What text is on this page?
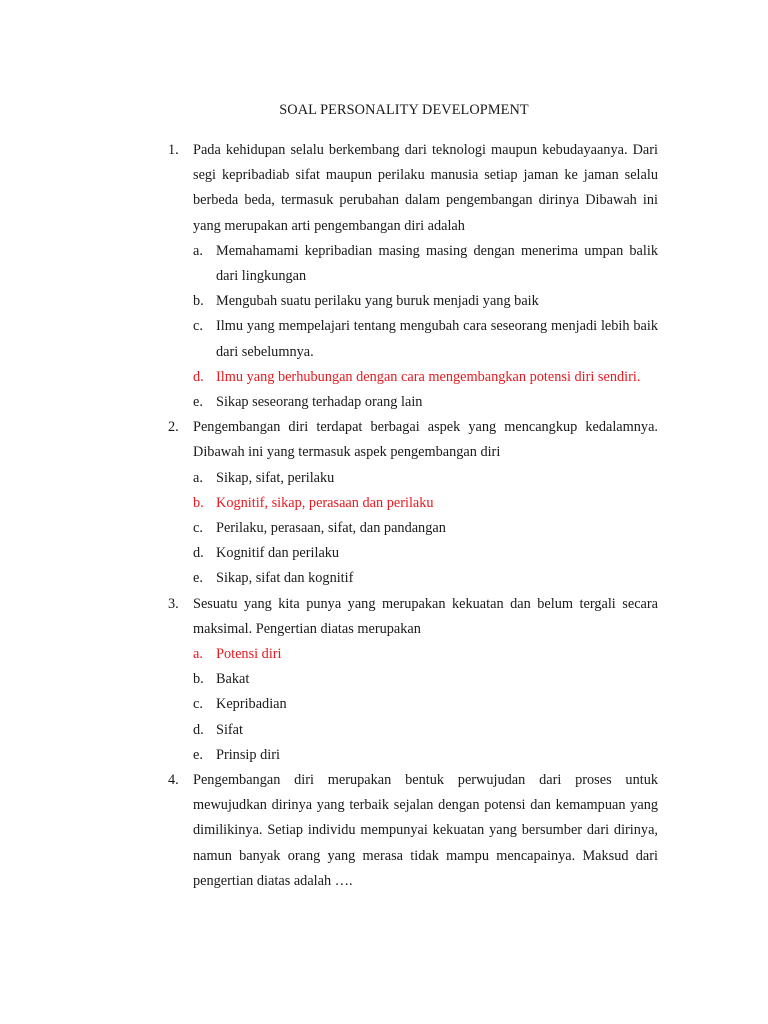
SOAL PERSONALITY DEVELOPMENT
1. Pada kehidupan selalu berkembang dari teknologi maupun kebudayaanya. Dari segi kepribadiab sifat maupun perilaku manusia setiap jaman ke jaman selalu berbeda beda, termasuk perubahan dalam pengembangan dirinya Dibawah ini yang merupakan arti pengembangan diri adalah
a. Memahamami kepribadian masing masing dengan menerima umpan balik dari lingkungan
b. Mengubah suatu perilaku yang buruk menjadi yang baik
c. Ilmu yang mempelajari tentang mengubah cara seseorang menjadi lebih baik dari sebelumnya.
d. Ilmu yang berhubungan dengan cara mengembangkan potensi diri sendiri.
e. Sikap seseorang terhadap orang lain
2. Pengembangan diri terdapat berbagai aspek yang mencangkup kedalamnya. Dibawah ini yang termasuk aspek pengembangan diri
a. Sikap, sifat, perilaku
b. Kognitif, sikap, perasaan dan perilaku
c. Perilaku, perasaan, sifat, dan pandangan
d. Kognitif dan perilaku
e. Sikap, sifat dan kognitif
3. Sesuatu yang kita punya yang merupakan kekuatan dan belum tergali secara maksimal. Pengertian diatas merupakan
a. Potensi diri
b. Bakat
c. Kepribadian
d. Sifat
e. Prinsip diri
4. Pengembangan diri merupakan bentuk perwujudan dari proses untuk mewujudkan dirinya yang terbaik sejalan dengan potensi dan kemampuan yang dimilikinya. Setiap individu mempunyai kekuatan yang bersumber dari dirinya, namun banyak orang yang merasa tidak mampu mencapainya. Maksud dari pengertian diatas adalah ….
